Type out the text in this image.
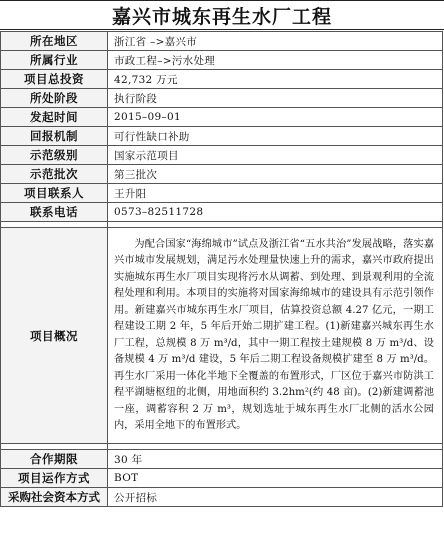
嘉兴市城东再生水厂工程
所在地区	浙江省 –>嘉兴市
所属行业	市政工程–>污水处理
项目总投资	42,732 万元
所处阶段	执行阶段
发起时间	2015–09–01
回报机制	可行性缺口补助
示范级别	国家示范项目
示范批次	第三批次
项目联系人	王升阳
联系电话	0573–82511728

项目概况	为配合国家“海绵城市”试点及浙江省“五水共治”发展战略，落实嘉兴市城市发展规划，满足污水处理量快速上升的需求，嘉兴市政府提出实施城东再生水厂项目实现将污水从调蓄、到处理、到景观利用的全流程处理和利用。本项目的实施将对国家海绵城市的建设具有示范引领作用。新建嘉兴市城东再生水厂项目，估算投资总额 4.27 亿元，一期工程建设工期 2 年，5 年后开始二期扩建工程。(1)新建嘉兴城东再生水厂工程，总规模 8 万 m³/d，其中一期工程按土建规模 8 万 m³/d、设备规模 4 万 m³/d 建设，5 年后二期工程设备规模扩建至 8 万 m³/d。再生水厂采用一体化半地下全覆盖的布置形式，厂区位于嘉兴市防洪工程平湖塘枢纽的北侧，用地面积约 3.2hm²(约 48 亩)。(2)新建调蓄池一座，调蓄容积 2 万 m³，规划选址于城东再生水厂北侧的活水公园内，采用全地下的布置形式。

合作期限	30 年
项目运作方式	BOT
采购社会资本方式	公开招标
